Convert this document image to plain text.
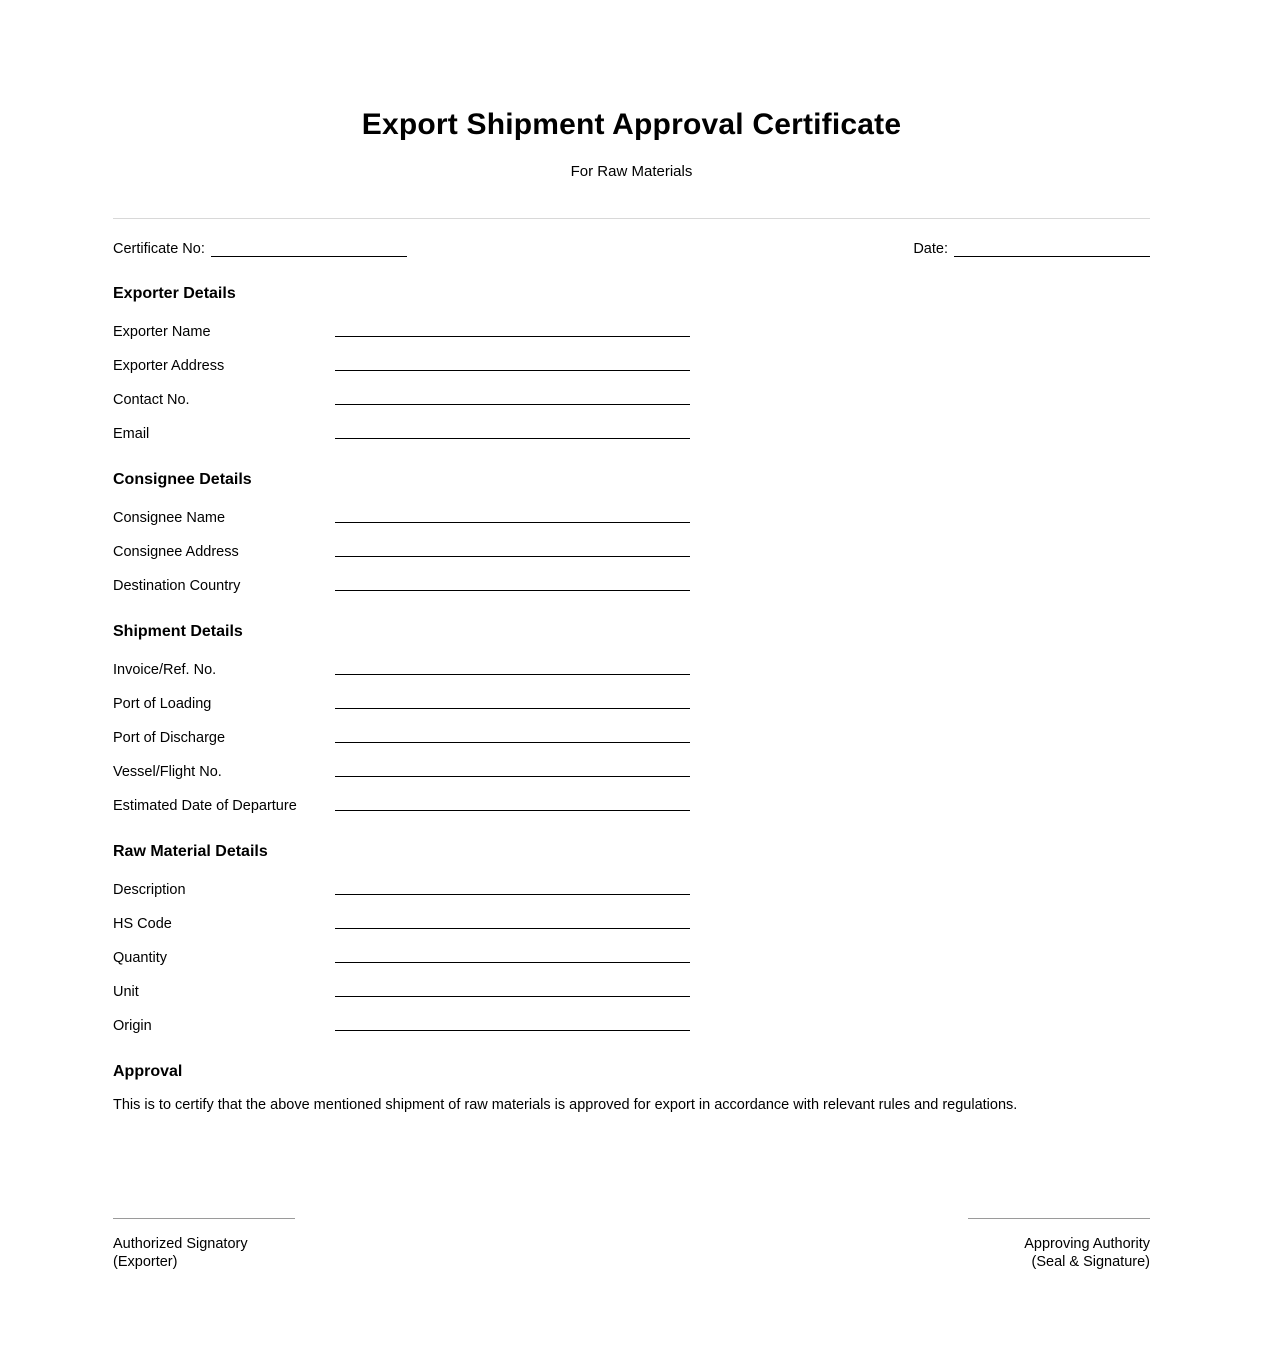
Export Shipment Approval Certificate
For Raw Materials
Certificate No:	Date:
Exporter Details
Exporter Name
Exporter Address
Contact No.
Email
Consignee Details
Consignee Name
Consignee Address
Destination Country
Shipment Details
Invoice/Ref. No.
Port of Loading
Port of Discharge
Vessel/Flight No.
Estimated Date of Departure
Raw Material Details
Description
HS Code
Quantity
Unit
Origin
Approval

This is to certify that the above mentioned shipment of raw materials is approved for export in accordance with relevant rules and regulations.

Authorized Signatory
(Exporter)
Approving Authority
(Seal & Signature)
